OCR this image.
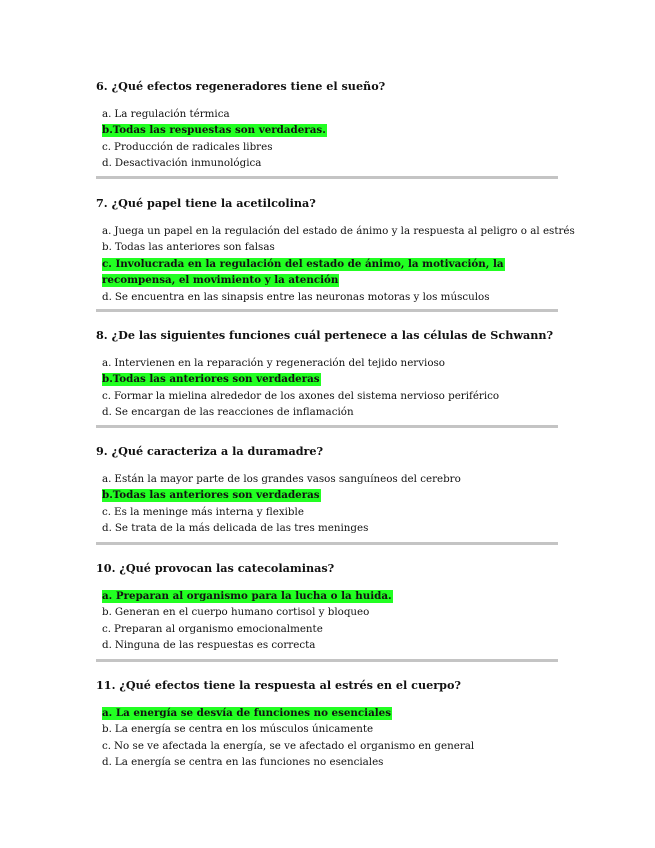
6. ¿Qué efectos regeneradores tiene el sueño?

a. La regulación térmica
b.Todas las respuestas son verdaderas.
c. Producción de radicales libres
d. Desactivación inmunológica

7. ¿Qué papel tiene la acetilcolina?

a. Juega un papel en la regulación del estado de ánimo y la respuesta al peligro o al estrés
b. Todas las anteriores son falsas
c. Involucrada en la regulación del estado de ánimo, la motivación, la recompensa, el movimiento y la atención
d. Se encuentra en las sinapsis entre las neuronas motoras y los músculos

8. ¿De las siguientes funciones cuál pertenece a las células de Schwann?

a. Intervienen en la reparación y regeneración del tejido nervioso
b.Todas las anteriores son verdaderas
c. Formar la mielina alrededor de los axones del sistema nervioso periférico
d. Se encargan de las reacciones de inflamación

9. ¿Qué caracteriza a la duramadre?

a. Están la mayor parte de los grandes vasos sanguíneos del cerebro
b.Todas las anteriores son verdaderas
c. Es la meninge más interna y flexible
d. Se trata de la más delicada de las tres meninges

10. ¿Qué provocan las catecolaminas?

a. Preparan al organismo para la lucha o la huida.
b. Generan en el cuerpo humano cortisol y bloqueo
c. Preparan al organismo emocionalmente
d. Ninguna de las respuestas es correcta

11. ¿Qué efectos tiene la respuesta al estrés en el cuerpo?

a. La energía se desvía de funciones no esenciales
b. La energía se centra en los músculos únicamente
c. No se ve afectada la energía, se ve afectado el organismo en general
d. La energía se centra en las funciones no esenciales
